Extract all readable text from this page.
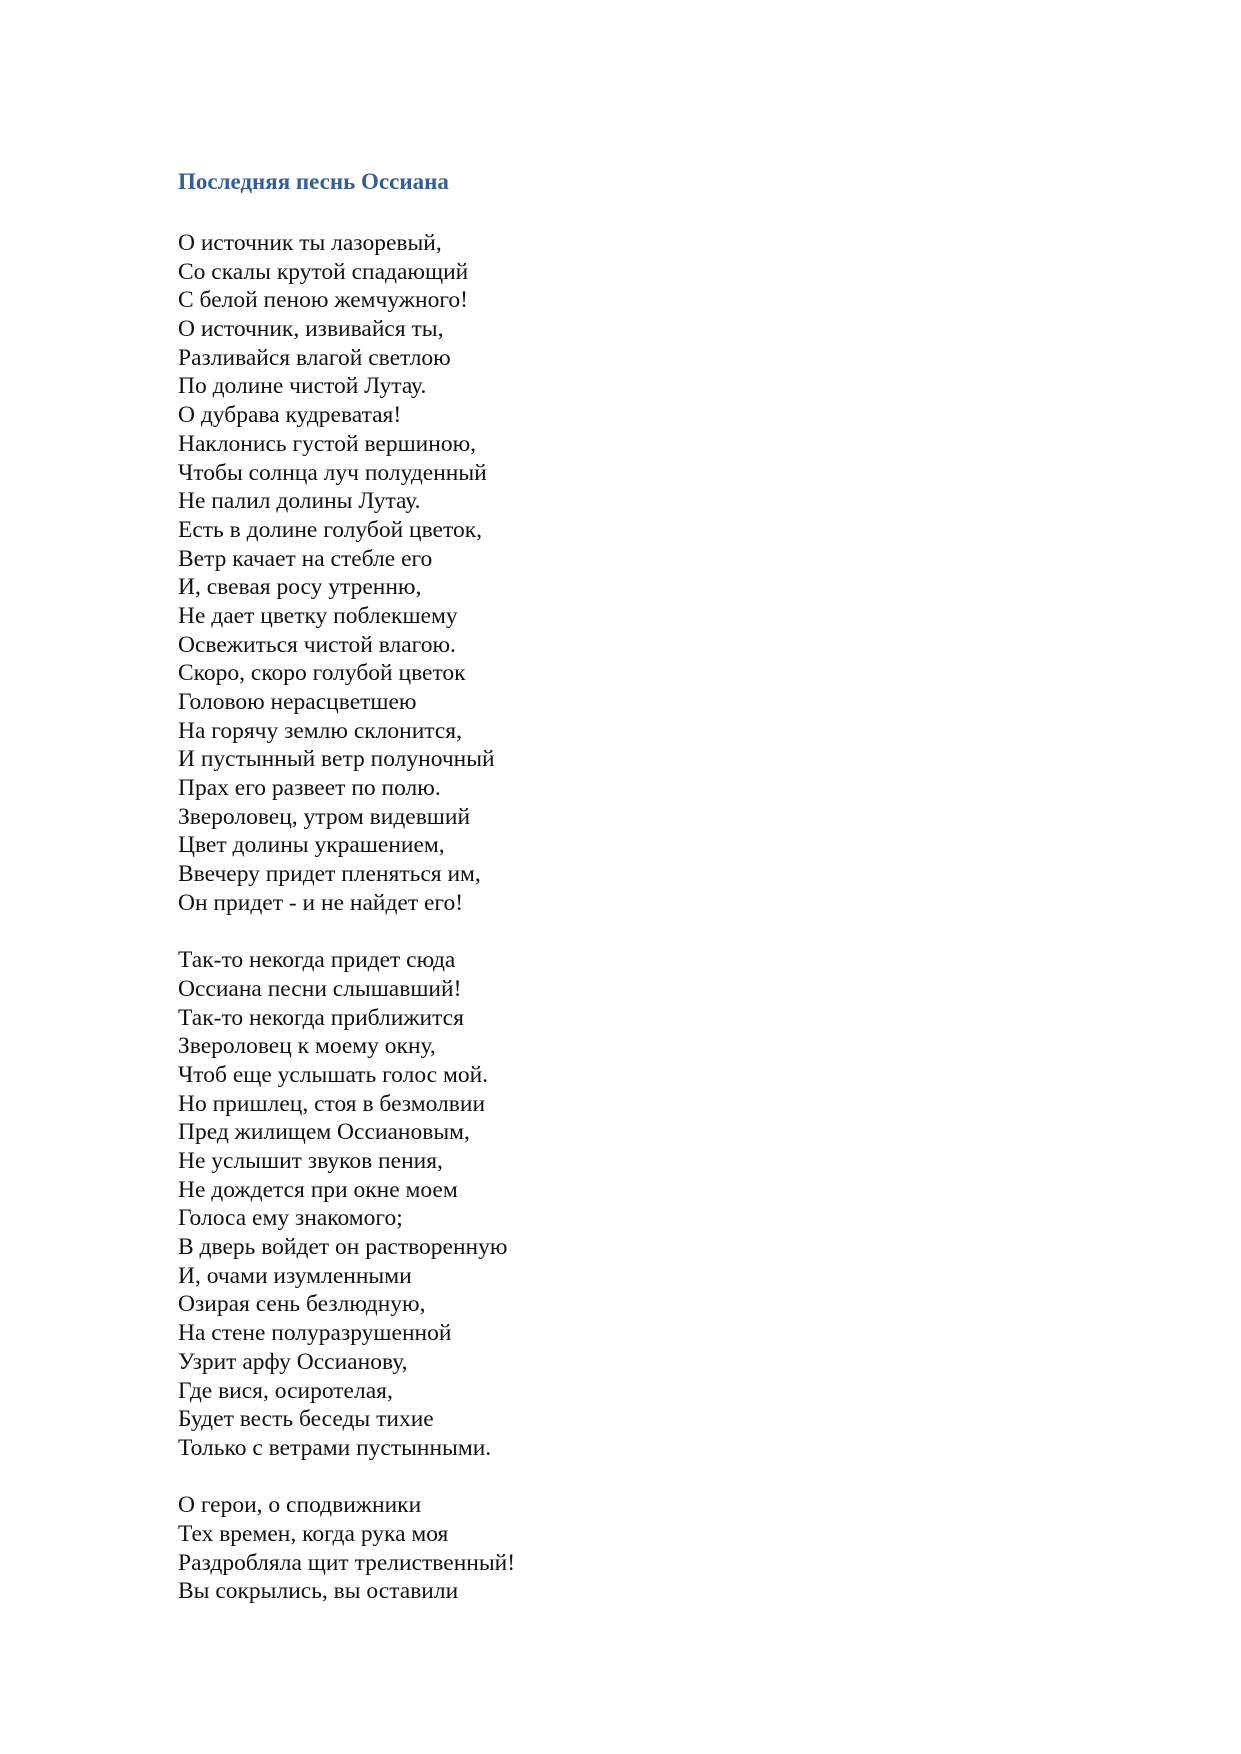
Последняя песнь Оссиана
О источник ты лазоревый,
Со скалы крутой спадающий
С белой пеною жемчужного!
О источник, извивайся ты,
Разливайся влагой светлою
По долине чистой Лутау.
О дубрава кудреватая!
Наклонись густой вершиною,
Чтобы солнца луч полуденный
Не палил долины Лутау.
Есть в долине голубой цветок,
Ветр качает на стебле его
И, свевая росу утренню,
Не дает цветку поблекшему
Освежиться чистой влагою.
Скоро, скоро голубой цветок
Головою нерасцветшею
На горячу землю склонится,
И пустынный ветр полуночный
Прах его развеет по полю.
Звероловец, утром видевший
Цвет долины украшением,
Ввечеру придет пленяться им,
Он придет - и не найдет его!
Так-то некогда придет сюда
Оссиана песни слышавший!
Так-то некогда приближится
Звероловец к моему окну,
Чтоб еще услышать голос мой.
Но пришлец, стоя в безмолвии
Пред жилищем Оссиановым,
Не услышит звуков пения,
Не дождется при окне моем
Голоса ему знакомого;
В дверь войдет он растворенную
И, очами изумленными
Озирая сень безлюдную,
На стене полуразрушенной
Узрит арфу Оссианову,
Где вися, осиротелая,
Будет весть беседы тихие
Только с ветрами пустынными.
О герои, о сподвижники
Тех времен, когда рука моя
Раздробляла щит трелиственный!
Вы сокрылись, вы оставили
